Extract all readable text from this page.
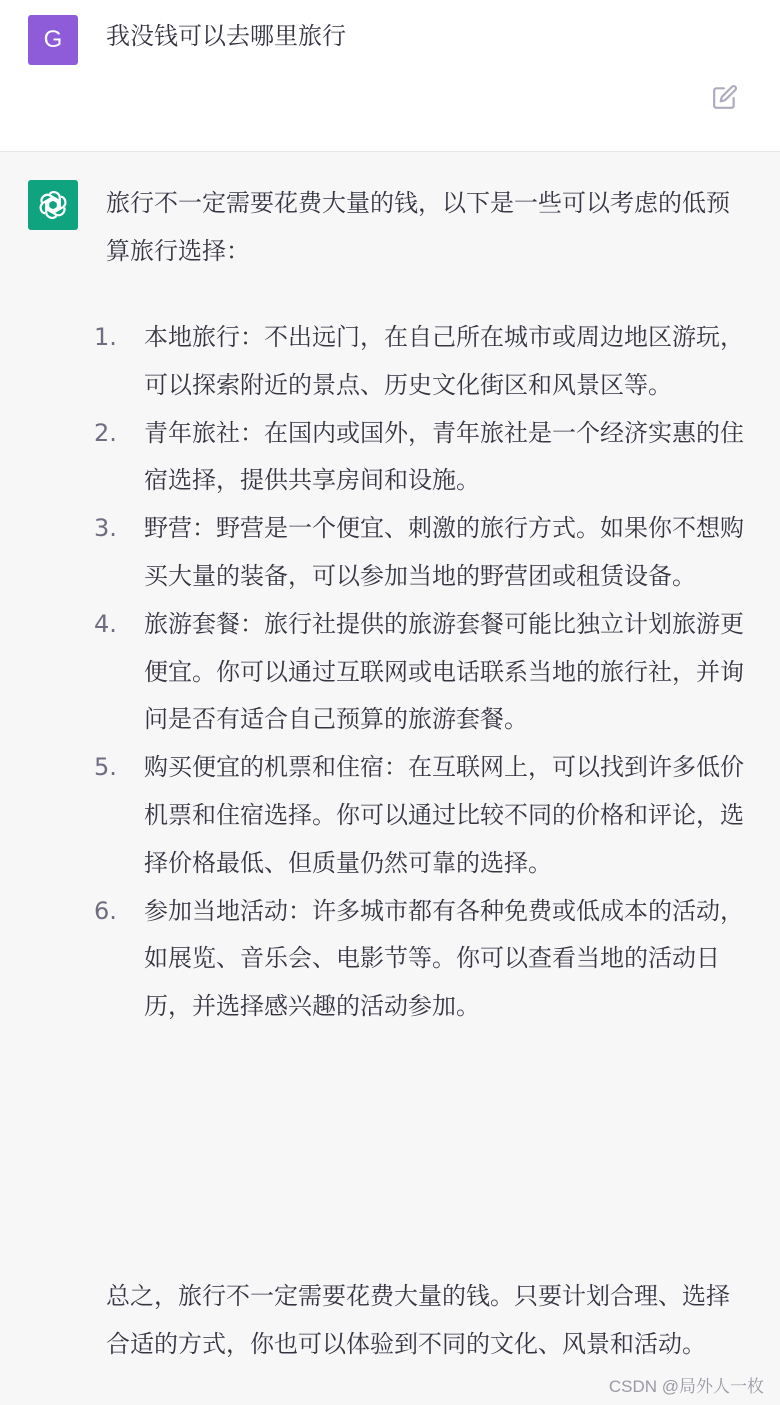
G 我没钱可以去哪里旅行

旅行不一定需要花费大量的钱，以下是一些可以考虑的低预算旅行选择：

1.	本地旅行：不出远门，在自己所在城市或周边地区游玩，可以探索附近的景点、历史文化街区和风景区等。
2.	青年旅社：在国内或国外，青年旅社是一个经济实惠的住宿选择，提供共享房间和设施。
3.	野营：野营是一个便宜、刺激的旅行方式。如果你不想购买大量的装备，可以参加当地的野营团或租赁设备。
4.	旅游套餐：旅行社提供的旅游套餐可能比独立计划旅游更便宜。你可以通过互联网或电话联系当地的旅行社，并询问是否有适合自己预算的旅游套餐。
5.	购买便宜的机票和住宿：在互联网上，可以找到许多低价机票和住宿选择。你可以通过比较不同的价格和评论，选择价格最低、但质量仍然可靠的选择。
6.	参加当地活动：许多城市都有各种免费或低成本的活动，如展览、音乐会、电影节等。你可以查看当地的活动日历，并选择感兴趣的活动参加。

总之，旅行不一定需要花费大量的钱。只要计划合理、选择合适的方式，你也可以体验到不同的文化、风景和活动。

CSDN @局外人一枚
